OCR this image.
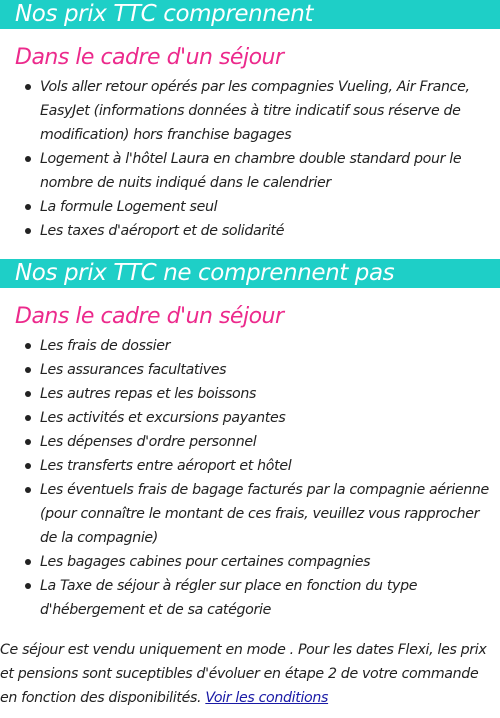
Nos prix TTC comprennent
Dans le cadre d'un séjour
Vols aller retour opérés par les compagnies Vueling, Air France, EasyJet (informations données à titre indicatif sous réserve de modification) hors franchise bagages
Logement à l'hôtel Laura en chambre double standard pour le nombre de nuits indiqué dans le calendrier
La formule Logement seul
Les taxes d'aéroport et de solidarité
Nos prix TTC ne comprennent pas
Dans le cadre d'un séjour
Les frais de dossier
Les assurances facultatives
Les autres repas et les boissons
Les activités et excursions payantes
Les dépenses d'ordre personnel
Les transferts entre aéroport et hôtel
Les éventuels frais de bagage facturés par la compagnie aérienne (pour connaître le montant de ces frais, veuillez vous rapprocher de la compagnie)
Les bagages cabines pour certaines compagnies
La Taxe de séjour à régler sur place en fonction du type d'hébergement et de sa catégorie
Ce séjour est vendu uniquement en mode . Pour les dates Flexi, les prix et pensions sont suceptibles d'évoluer en étape 2 de votre commande en fonction des disponibilités. Voir les conditions
